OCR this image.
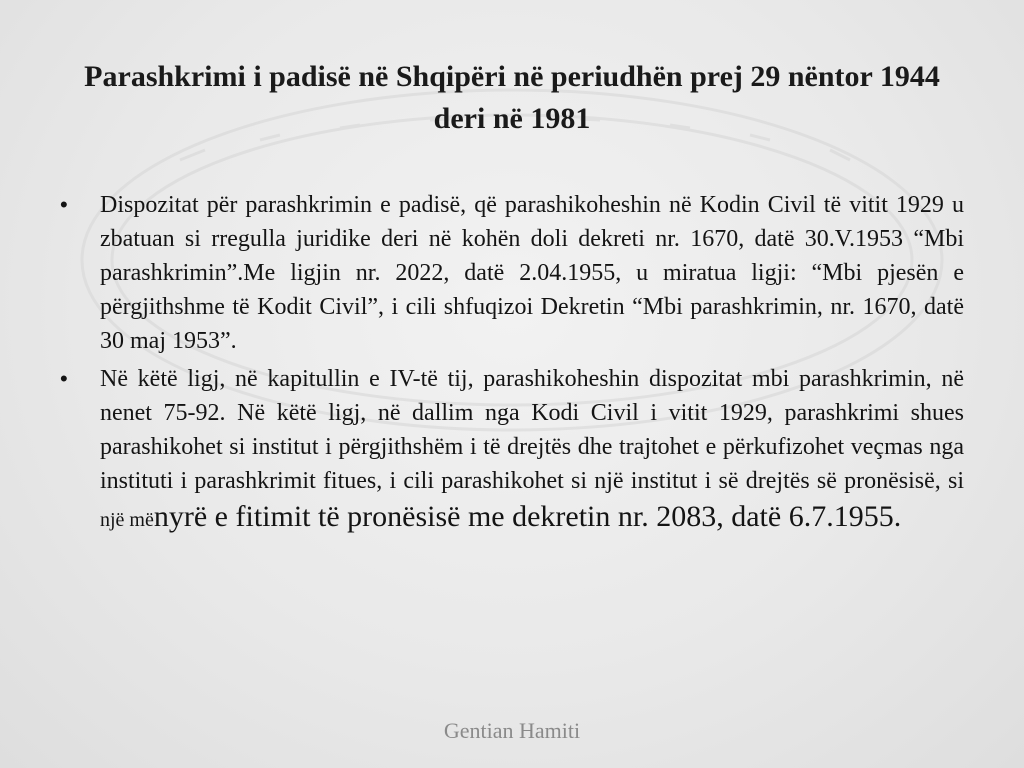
Parashkrimi i padisë në Shqipëri në periudhën prej 29 nëntor 1944 deri në 1981
•	Dispozitat për parashkrimin e padisë, që parashikoheshin në Kodin Civil të vitit 1929 u zbatuan si rregulla juridike deri në kohën doli dekreti nr. 1670, datë 30.V.1953 “Mbi parashkrimin”.Me ligjin nr. 2022, datë 2.04.1955, u miratua ligji: “Mbi pjesën e përgjithshme të Kodit Civil”, i cili shfuqizoi Dekretin “Mbi parashkrimin, nr. 1670, datë 30 maj 1953”.
•	Në këtë ligj, në kapitullin e IV-të tij, parashikoheshin dispozitat mbi parashkrimin, në nenet 75-92. Në këtë ligj, në dallim nga Kodi Civil i vitit 1929, parashkrimi shues parashikohet si institut i përgjithshëm i të drejtës dhe trajtohet e përkufizohet veçmas nga instituti i parashkrimit fitues, i cili parashikohet si një institut i së drejtës së pronësisë, si një mënyrë e fitimit të pronësisë me dekretin nr. 2083, datë 6.7.1955.
Gentian Hamiti
